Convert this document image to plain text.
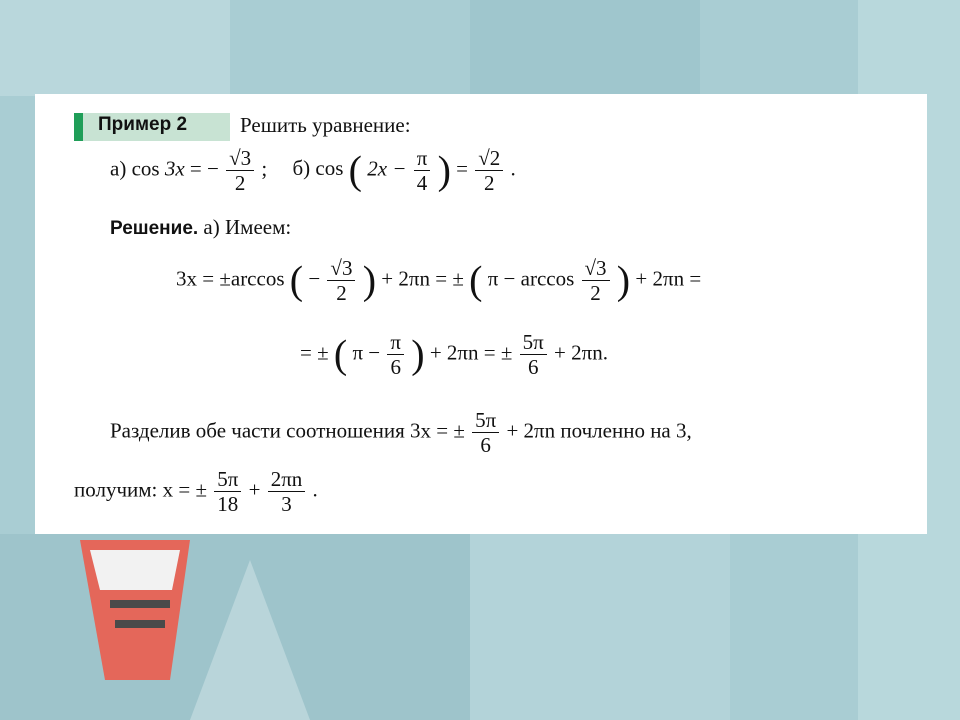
Пример 2	Решить уравнение:
а) cos 3x = − $\frac{√3}{2}$ ; б) cos ( $2x - \frac{\pi}{4}$ ) = $\frac{√2}{2}$ .
Решение. а) Имеем:
3x = ±arccos ( − $\frac{√3}{2}$ ) + 2πn = ± ( $\pi - \arccos \frac{√3}{2}$ ) + 2πn =
= ± ( $\pi - \frac{\pi}{6}$ ) + 2πn = ± $\frac{5\pi}{6} + 2\pi n$.
Разделив обе части соотношения 3x = ± $\frac{5\pi}{6} + 2\pi n$ почленно на 3,
получим: x = ± $\frac{5\pi}{18} + \frac{2\pi n}{3}$ .
